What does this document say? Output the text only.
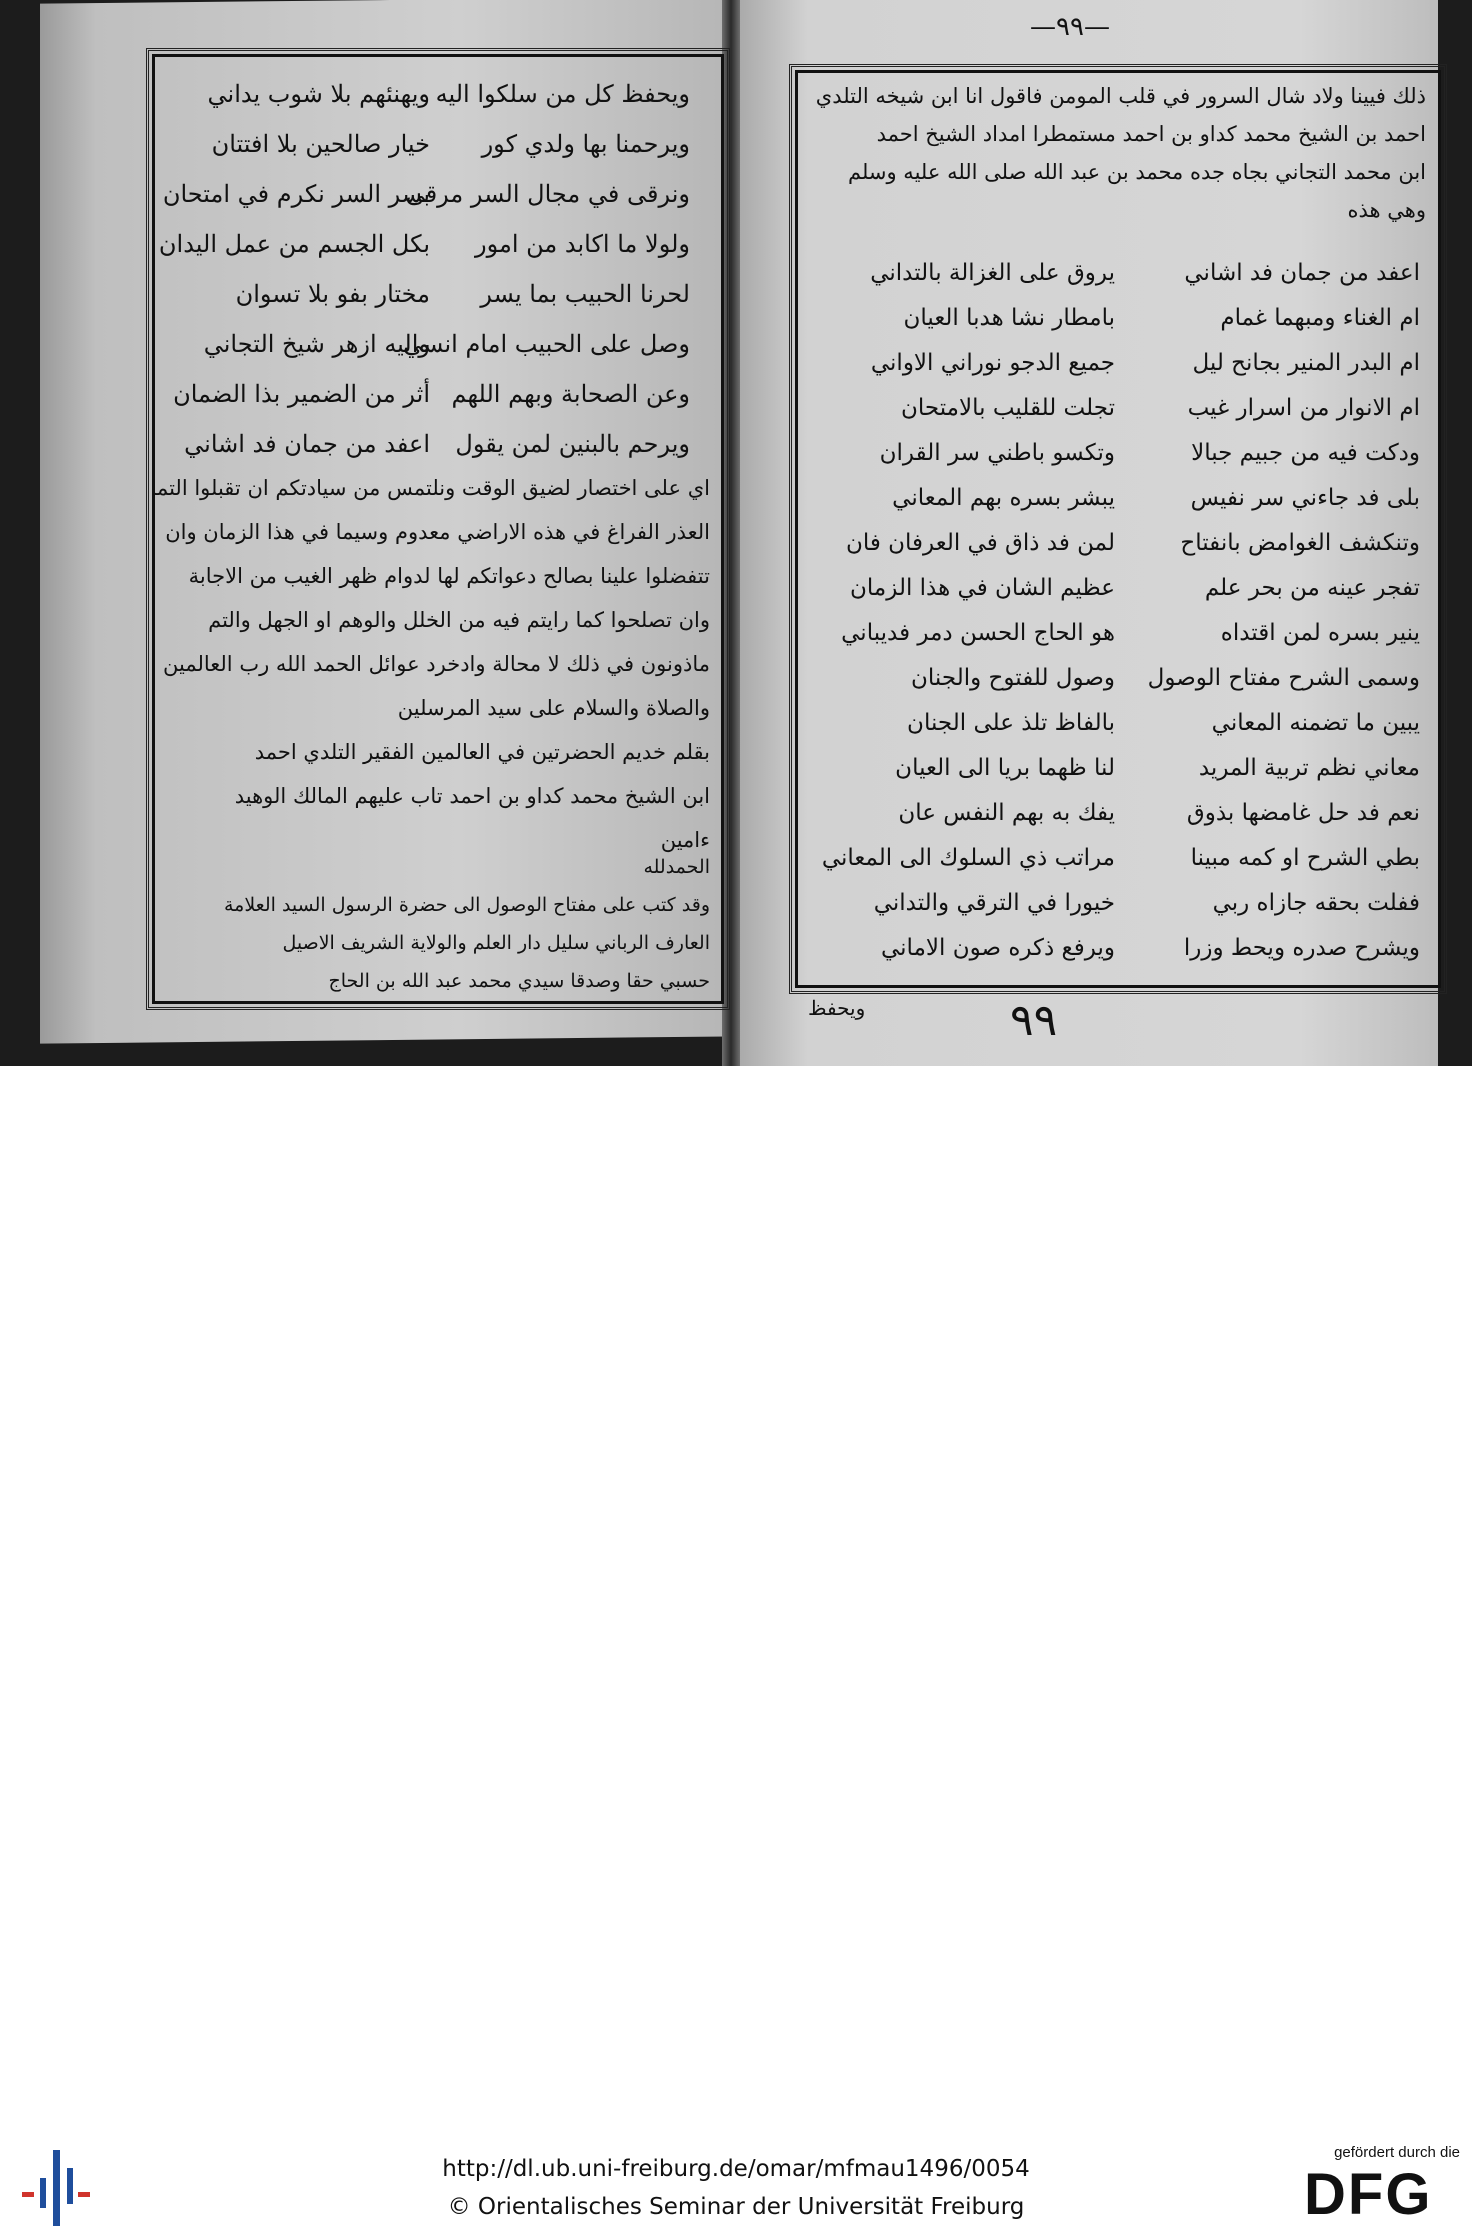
—٩٩—
ويحفظ كل من سلكوا اليه
ويهنئهم بلا شوب يداني
ويرحمنا بها ولدي كور
خيار صالحين بلا افتتان
ونرقى في مجال السر مرقى
بسر السر نكرم في امتحان
ولولا ما اكابد من امور
بكل الجسم من عمل اليدان
لحرنا الحبيب بما يسر
مختار بفو بلا تسوان
وصل على الحبيب امام انسي
واليه ازهر شيخ التجاني
وعن الصحابة وبهم اللهم
أثر من الضمير بذا الضمان
ويرحم بالبنين لمن يقول
اعفد من جمان فد اشاني
اي على اختصار لضيق الوقت ونلتمس من سيادتكم ان تقبلوا التما
العذر الفراغ في هذه الاراضي معدوم وسيما في هذا الزمان وان
تتفضلوا علينا بصالح دعواتكم لها لدوام ظهر الغيب من الاجابة
وان تصلحوا كما رايتم فيه من الخلل والوهم او الجهل والتم
ماذونون في ذلك لا محالة وادخرد عوائل الحمد الله رب العالمين
والصلاة والسلام على سيد المرسلين
بقلم خديم الحضرتين في العالمين الفقير التلدي احمد
ابن الشيخ محمد كداو بن احمد تاب عليهم المالك الوهيد
ءامين
الحمدلله
وقد كتب على مفتاح الوصول الى حضرة الرسول السيد العلامة
العارف الرباني سليل دار العلم والولاية الشريف الاصيل
حسبي حقا وصدقا سيدي محمد عبد الله بن الحاج
ذلك فيينا ولاد شال السرور في قلب المومن فاقول انا ابن شيخه التلدي
احمد بن الشيخ محمد كداو بن احمد مستمطرا امداد الشيخ احمد
ابن محمد التجاني بجاه جده محمد بن عبد الله صلى الله عليه وسلم
وهي هذه
اعفد من جمان فد اشاني
يروق على الغزالة بالتداني
ام الغناء ومبهما غمام
بامطار نشا هدبا العيان
ام البدر المنير بجانح ليل
جميع الدجو نوراني الاواني
ام الانوار من اسرار غيب
تجلت للقليب بالامتحان
ودكت فيه من جبيم جبالا
وتكسو باطني سر القران
بلى فد جاءني سر نفيس
يبشر بسره بهم المعاني
وتنكشف الغوامض بانفتاح
لمن فد ذاق في العرفان فان
تفجر عينه من بحر علم
عظيم الشان في هذا الزمان
ينير بسره لمن اقتداه
هو الحاج الحسن دمر فديباني
وسمى الشرح مفتاح الوصول
وصول للفتوح والجنان
يبين ما تضمنه المعاني
بالفاظ تلذ على الجنان
معاني نظم تربية المريد
لنا ظهما بريا الى العيان
نعم فد حل غامضها بذوق
يفك به بهم النفس عان
بطي الشرح او كمه مبينا
مراتب ذي السلوك الى المعاني
ففلت بحقه جازاه ربي
خيورا في الترقي والتداني
ويشرح صدره ويحط وزرا
ويرفع ذكره صون الاماني
ويحفظ	٩٩
http://dl.ub.uni-freiburg.de/omar/mfmau1496/0054
© Orientalisches Seminar der Universität Freiburg
gefördert durch die
DFG
